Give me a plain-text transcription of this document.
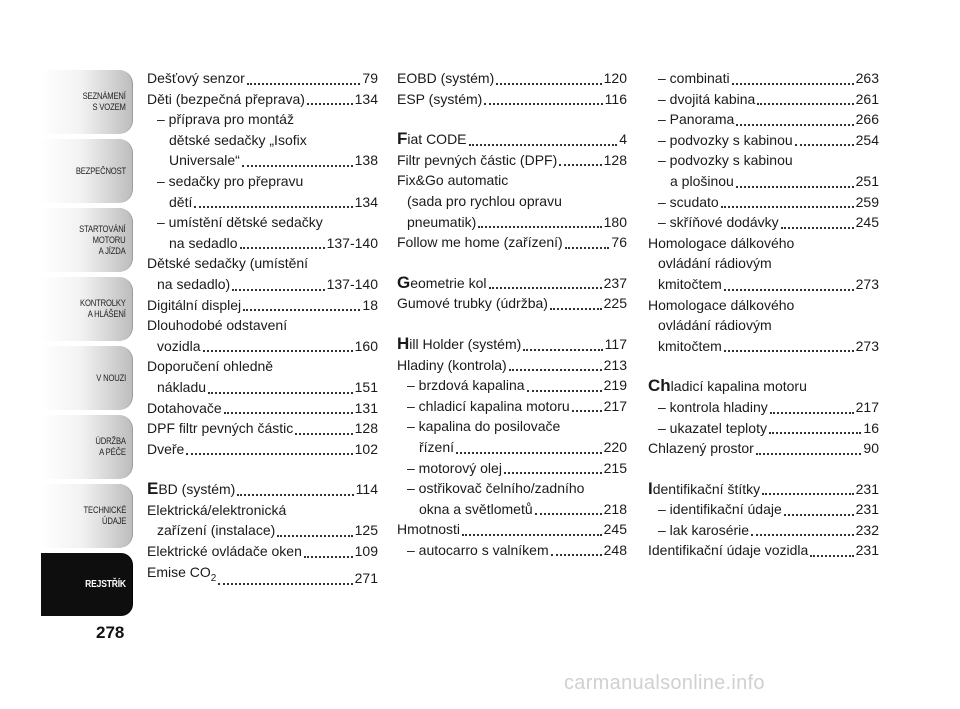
SEZNÁMENÍ
S VOZEM
BEZPEČNOST
STARTOVÁNÍ
MOTORU
A JÍZDA
KONTROLKY
A HLÁŠENÍ
V NOUZI
ÚDRŽBA
A PÉČE
TECHNICKÉ
ÚDAJE
REJSTŘÍK
278
Dešťový senzor	79
Děti (bezpečná přeprava)	134
– příprava pro montáž
dětské sedačky „Isofix
Universale“	138
– sedačky pro přepravu
dětí	134
– umístění dětské sedačky
na sedadlo	137-140
Dětské sedačky (umístění
na sedadlo)	137-140
Digitální displej	18
Dlouhodobé odstavení
vozidla	160
Doporučení ohledně
nákladu	151
Dotahovače	131
DPF filtr pevných částic	128
Dveře	102
EBD (systém)	114
Elektrická/elektronická
zařízení (instalace)	125
Elektrické ovládače oken	109
Emise $CO_2$	271
EOBD (systém)	120
ESP (systém)	116
Fiat CODE	4
Filtr pevných částic (DPF)	128
Fix&Go automatic
(sada pro rychlou opravu
pneumatik)	180
Follow me home (zařízení)	76
Geometrie kol	237
Gumové trubky (údržba)	225
Hill Holder (systém)	117
Hladiny (kontrola)	213
– brzdová kapalina	219
– chladicí kapalina motoru 217
– kapalina do posilovače
řízení	220
– motorový olej	215
– ostřikovač čelního/zadního
okna a světlometů	218
Hmotnosti	245
– autocarro s valníkem	248
– combinati	263
– dvojitá kabina	261
– Panorama	266
– podvozky s kabinou	254
– podvozky s kabinou
a plošinou	251
– scudato	259
– skříňové dodávky	245
Homologace dálkového
ovládání rádiovým
kmitočtem	273
Homologace dálkového
ovládání rádiovým
kmitočtem	273
Chladicí kapalina motoru
– kontrola hladiny	217
– ukazatel teploty	16
Chlazený prostor	90
Identifikační štítky	231
– identifikační údaje	231
– lak karosérie	232
Identifikační údaje vozidla	231
carmanualsonline.info
